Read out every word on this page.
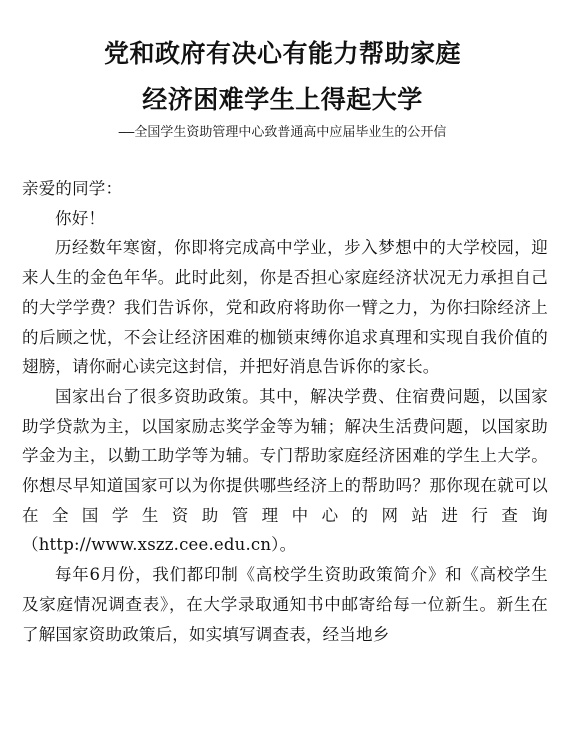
党和政府有决心有能力帮助家庭
经济困难学生上得起大学
——全国学生资助管理中心致普通高中应届毕业生的公开信

亲爱的同学：

你好！

历经数年寒窗，你即将完成高中学业，步入梦想中的大学校园，迎来人生的金色年华。此时此刻，你是否担心家庭经济状况无力承担自己的大学学费？我们告诉你，党和政府将助你一臂之力，为你扫除经济上的后顾之忧，不会让经济困难的枷锁束缚你追求真理和实现自我价值的翅膀，请你耐心读完这封信，并把好消息告诉你的家长。

国家出台了很多资助政策。其中，解决学费、住宿费问题，以国家助学贷款为主，以国家励志奖学金等为辅；解决生活费问题，以国家助学金为主，以勤工助学等为辅。专门帮助家庭经济困难的学生上大学。你想尽早知道国家可以为你提供哪些经济上的帮助吗？那你现在就可以在全国学生资助管理中心的网站进行查询（http://www.xszz.cee.edu.cn）。

每年6月份，我们都印制《高校学生资助政策简介》和《高校学生及家庭情况调查表》，在大学录取通知书中邮寄给每一位新生。新生在了解国家资助政策后，如实填写调查表，经当地乡
